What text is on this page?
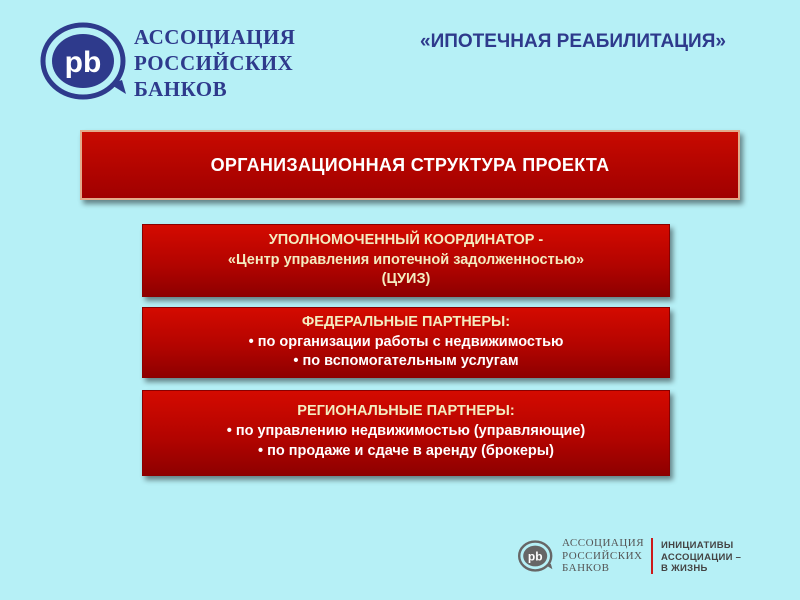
pb
АССОЦИАЦИЯ
РОССИЙСКИХ
БАНКОВ
«ИПОТЕЧНАЯ РЕАБИЛИТАЦИЯ»
ОРГАНИЗАЦИОННАЯ СТРУКТУРА ПРОЕКТА
УПОЛНОМОЧЕННЫЙ КООРДИНАТОР -
«Центр управления ипотечной задолженностью»
(ЦУИЗ)
ФЕДЕРАЛЬНЫЕ ПАРТНЕРЫ:
• по организации работы с недвижимостью
• по вспомогательным услугам
РЕГИОНАЛЬНЫЕ ПАРТНЕРЫ:
• по управлению недвижимостью (управляющие)
• по продаже и сдаче в аренду (брокеры)
pb
АССОЦИАЦИЯ
РОССИЙСКИХ
БАНКОВ
ИНИЦИАТИВЫ
АССОЦИАЦИИ –
В ЖИЗНЬ
